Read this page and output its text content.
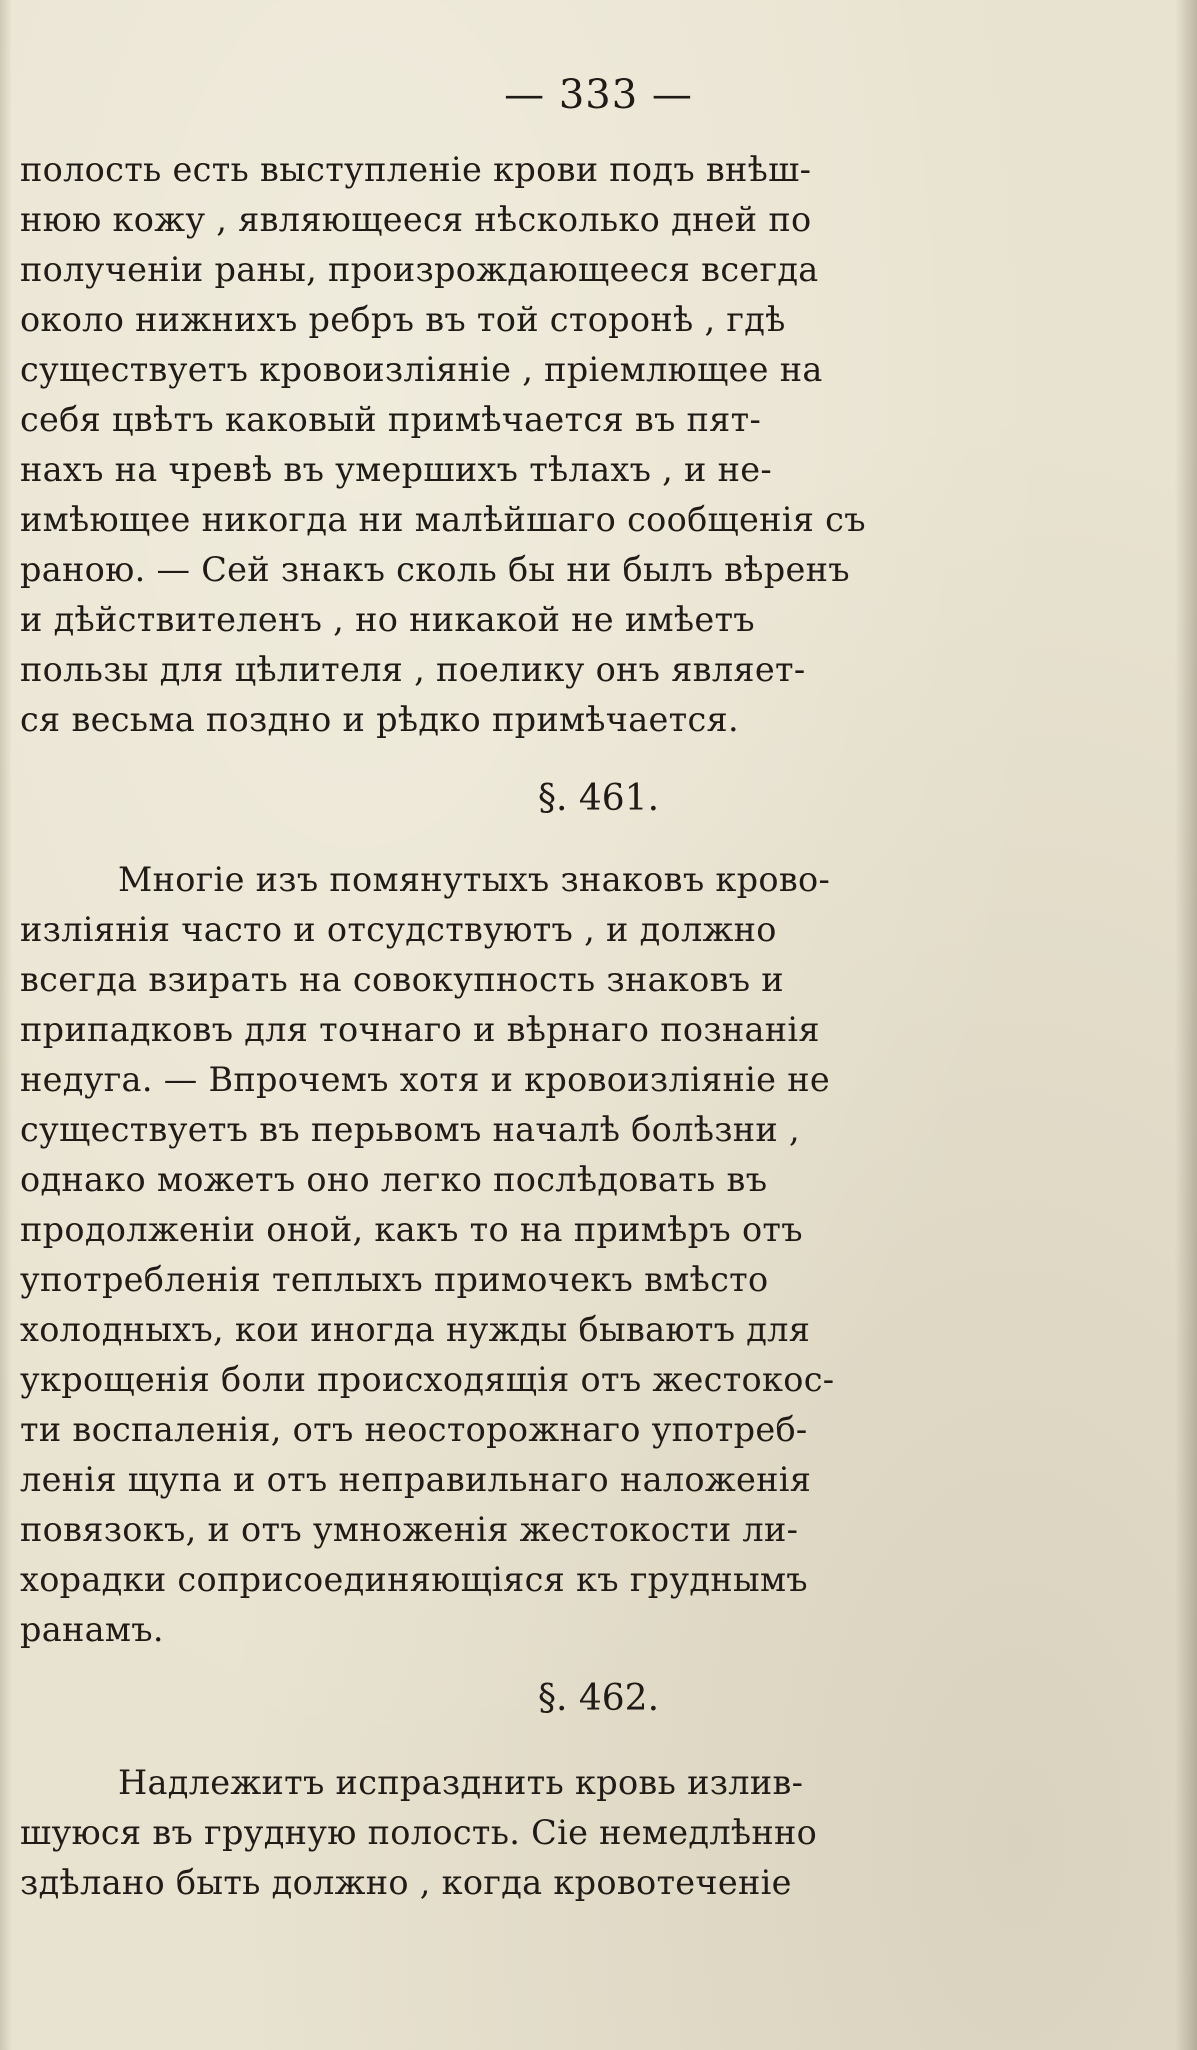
— 333 —
полость есть выступленіе крови подъ внѣш-
нюю кожу , являющееся нѣсколько дней по
полученіи раны, произрождающееся всегда
около нижнихъ ребръ въ той сторонѣ , гдѣ
существуетъ кровоизліяніе , пріемлющее на
себя цвѣтъ каковый примѣчается въ пят-
нахъ на чревѣ въ умершихъ тѣлахъ , и не-
имѣющее никогда ни малѣйшаго сообщенія съ
раною. — Сей знакъ сколь бы ни былъ вѣренъ
и дѣйствителенъ , но никакой не имѣетъ
пользы для цѣлителя , поелику онъ являет-
ся весьма поздно и рѣдко примѣчается.
§. 461.
Многіе изъ помянутыхъ знаковъ крово-
изліянія часто и отсудствуютъ , и должно
всегда взирать на совокупность знаковъ и
припадковъ для точнаго и вѣрнаго познанія
недуга. — Впрочемъ хотя и кровоизліяніе не
существуетъ въ перьвомъ началѣ болѣзни ,
однако можетъ оно легко послѣдовать въ
продолженіи оной, какъ то на примѣръ отъ
употребленія теплыхъ примочекъ вмѣсто
холодныхъ, кои иногда нужды бываютъ для
укрощенія боли происходящія отъ жестокос-
ти воспаленія, отъ неосторожнаго употреб-
ленія щупа и отъ неправильнаго наложенія
повязокъ, и отъ умноженія жестокости ли-
хорадки соприсоединяющіяся къ груднымъ
ранамъ.
§. 462.
Надлежитъ испразднить кровь излив-
шуюся въ грудную полость. Сіе немедлѣнно
здѣлано быть должно , когда кровотеченіе
